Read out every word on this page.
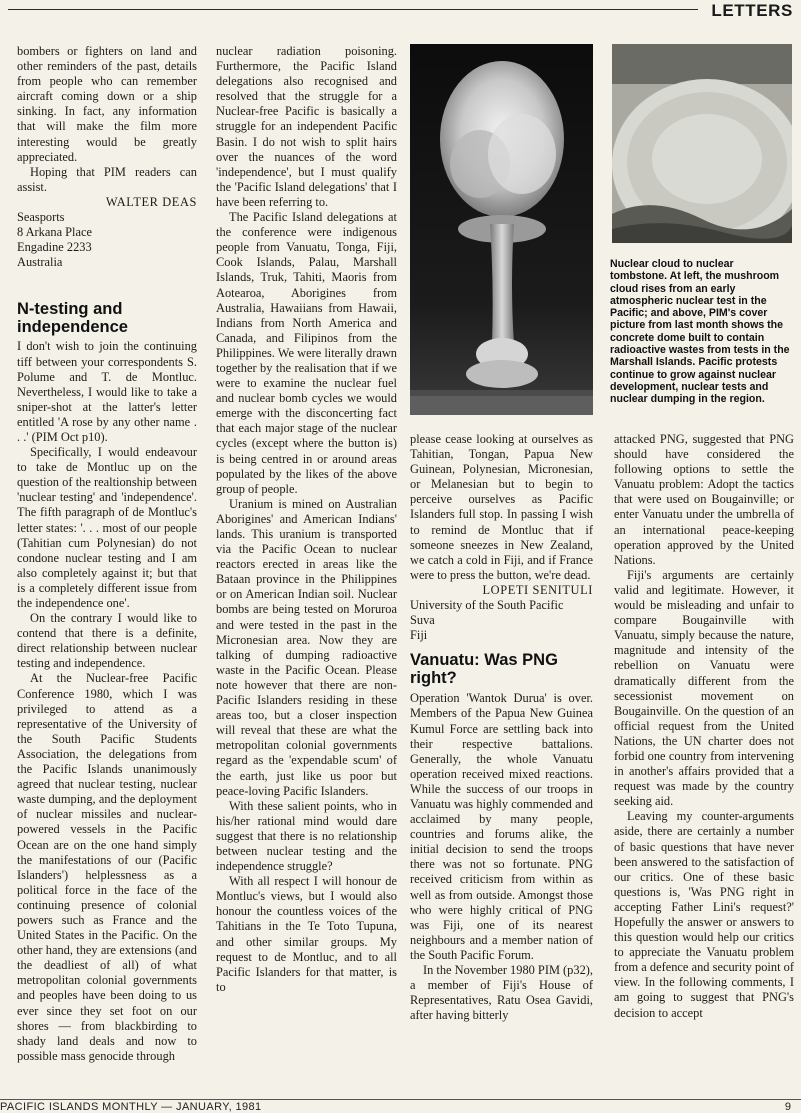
LETTERS

bombers or fighters on land and other reminders of the past, details from people who can remember aircraft coming down or a ship sinking. In fact, any information that will make the film more interesting would be greatly appreciated.

Hoping that PIM readers can assist.

WALTER DEAS

Seasports
8 Arkana Place
Engadine 2233
Australia
N-testing and independence

I don't wish to join the continuing tiff between your correspondents S. Polume and T. de Montluc. Nevertheless, I would like to take a sniper-shot at the latter's letter entitled 'A rose by any other name . . .' (PIM Oct p10).

Specifically, I would endeavour to take de Montluc up on the question of the realtionship between 'nuclear testing' and 'independence'. The fifth paragraph of de Montluc's letter states: '. . . most of our people (Tahitian cum Polynesian) do not condone nuclear testing and I am also completely against it; but that is a completely different issue from the independence one'.

On the contrary I would like to contend that there is a definite, direct relationship between nuclear testing and independence.

At the Nuclear-free Pacific Conference 1980, which I was privileged to attend as a representative of the University of the South Pacific Students Association, the delegations from the Pacific Islands unanimously agreed that nuclear testing, nuclear waste dumping, and the deployment of nuclear missiles and nuclear-powered vessels in the Pacific Ocean are on the one hand simply the manifestations of our (Pacific Islanders') helplessness as a political force in the face of the continuing presence of colonial powers such as France and the United States in the Pacific. On the other hand, they are extensions (and the deadliest of all) of what metropolitan colonial governments and peoples have been doing to us ever since they set foot on our shores — from blackbirding to shady land deals and now to possible mass genocide through

nuclear radiation poisoning. Furthermore, the Pacific Island delegations also recognised and resolved that the struggle for a Nuclear-free Pacific is basically a struggle for an independent Pacific Basin. I do not wish to split hairs over the nuances of the word 'independence', but I must qualify the 'Pacific Island delegations' that I have been referring to.

The Pacific Island delegations at the conference were indigenous people from Vanuatu, Tonga, Fiji, Cook Islands, Palau, Marshall Islands, Truk, Tahiti, Maoris from Aotearoa, Aborigines from Australia, Hawaiians from Hawaii, Indians from North America and Canada, and Filipinos from the Philippines. We were literally drawn together by the realisation that if we were to examine the nuclear fuel and nuclear bomb cycles we would emerge with the disconcerting fact that each major stage of the nuclear cycles (except where the button is) is being centred in or around areas populated by the likes of the above group of people.

Uranium is mined on Australian Aborigines' and American Indians' lands. This uranium is transported via the Pacific Ocean to nuclear reactors erected in areas like the Bataan province in the Philippines or on American Indian soil. Nuclear bombs are being tested on Moruroa and were tested in the past in the Micronesian area. Now they are talking of dumping radioactive waste in the Pacific Ocean. Please note however that there are non-Pacific Islanders residing in these areas too, but a closer inspection will reveal that these are what the metropolitan colonial governments regard as the 'expendable scum' of the earth, just like us poor but peace-loving Pacific Islanders.

With these salient points, who in his/her rational mind would dare suggest that there is no relationship between nuclear testing and the independence struggle?

With all respect I will honour de Montluc's views, but I would also honour the countless voices of the Tahitians in the Te Toto Tupuna, and other similar groups. My request to de Montluc, and to all Pacific Islanders for that matter, is to

please cease looking at ourselves as Tahitian, Tongan, Papua New Guinean, Polynesian, Micronesian, or Melanesian but to begin to perceive ourselves as Pacific Islanders full stop. In passing I wish to remind de Montluc that if someone sneezes in New Zealand, we catch a cold in Fiji, and if France were to press the button, we're dead.

LOPETI SENITULI

University of the South Pacific
Suva
Fiji
Vanuatu: Was PNG right?

Operation 'Wantok Durua' is over. Members of the Papua New Guinea Kumul Force are settling back into their respective battalions. Generally, the whole Vanuatu operation received mixed reactions. While the success of our troops in Vanuatu was highly commended and acclaimed by many people, countries and forums alike, the initial decision to send the troops there was not so fortunate. PNG received criticism from within as well as from outside. Amongst those who were highly critical of PNG was Fiji, one of its nearest neighbours and a member nation of the South Pacific Forum.

In the November 1980 PIM (p32), a member of Fiji's House of Representatives, Ratu Osea Gavidi, after having bitterly

Nuclear cloud to nuclear tombstone. At left, the mushroom cloud rises from an early atmospheric nuclear test in the Pacific; and above, PIM's cover picture from last month shows the concrete dome built to contain radioactive wastes from tests in the Marshall Islands. Pacific protests continue to grow against nuclear development, nuclear tests and nuclear dumping in the region.

attacked PNG, suggested that PNG should have considered the following options to settle the Vanuatu problem: Adopt the tactics that were used on Bougainville; or enter Vanuatu under the umbrella of an international peace-keeping operation approved by the United Nations.

Fiji's arguments are certainly valid and legitimate. However, it would be misleading and unfair to compare Bougainville with Vanuatu, simply because the nature, magnitude and intensity of the rebellion on Vanuatu were dramatically different from the secessionist movement on Bougainville. On the question of an official request from the United Nations, the UN charter does not forbid one country from intervening in another's affairs provided that a request was made by the country seeking aid.

Leaving my counter-arguments aside, there are certainly a number of basic questions that have never been answered to the satisfaction of our critics. One of these basic questions is, 'Was PNG right in accepting Father Lini's request?' Hopefully the answer or answers to this question would help our critics to appreciate the Vanuatu problem from a defence and security point of view. In the following comments, I am going to suggest that PNG's decision to accept

PACIFIC ISLANDS MONTHLY — JANUARY, 1981	9
